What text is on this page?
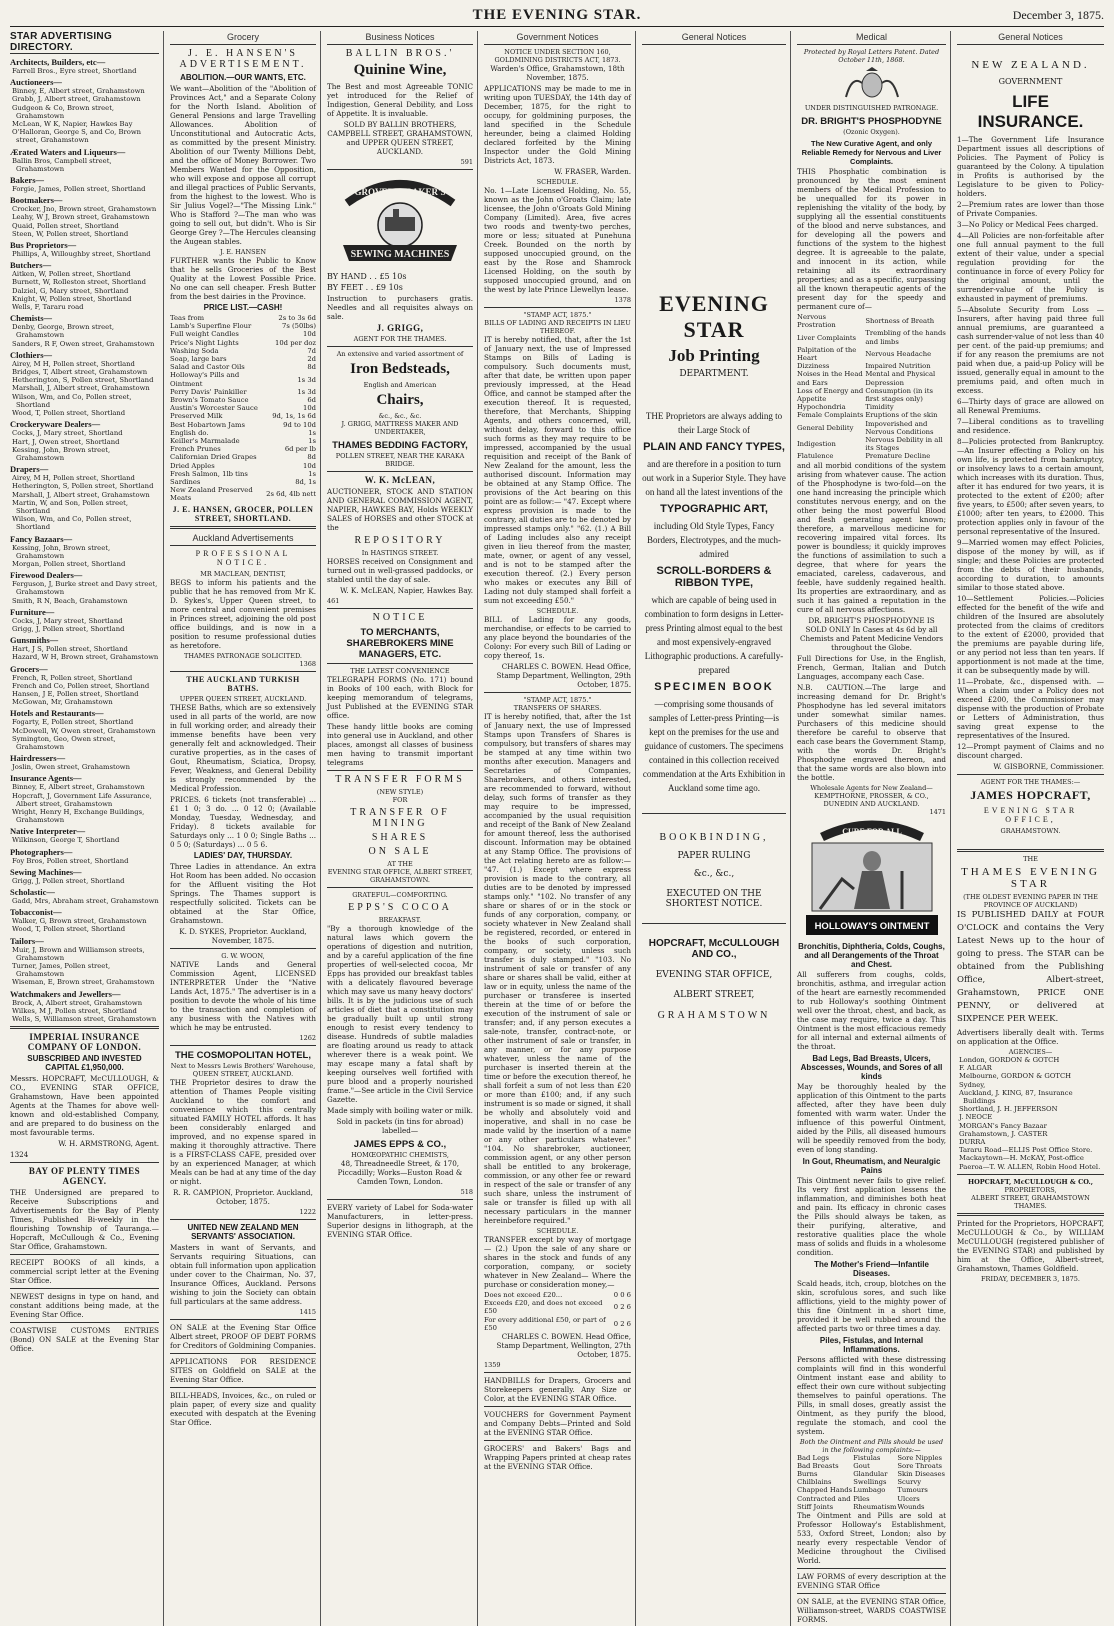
THE EVENING STAR.	December 3, 1875.
STAR ADVERTISING DIRECTORY.
Architects, Builders, etc—
Farrell Bros., Eyre street, Shortland
Auctioneers—
Binney, E, Albert street, Grahamstown
Grabb, J, Albert street, Grahamstown
Gudgeon & Co, Brown street, Grahamstown
McLean, W K, Napier, Hawkes Bay
O'Halloran, George S, and Co, Brown street, Grahamstown
Ærated Waters and Liqueurs—
Ballin Bros, Campbell street, Grahamstown
Bakers—
Forgie, James, Pollen street, Shortland
Bootmakers—
Crocker, Jno, Brown street, Grahamstown
Leahy, W J, Brown street, Grahamstown
Quaid, Pollen street, Shortland
Steen, W, Pollen street, Shortland
Bus Proprietors—
Phillips, A, Willoughby street, Shortland
Butchers—
Aitken, W, Pollen street, Shortland
Burnett, W, Rolleston street, Shortland
Dalziel, G, Mary street, Shortland
Knight, W, Pollen street, Shortland
Wells, F, Tararu road
Chemists—
Denby, George, Brown street, Grahamstown
Sanders, R F, Owen street, Grahamstown
Clothiers—
Airey, M H, Pollen street, Shortland
Bridges, T, Albert street, Grahamstown
Hetherington, S, Pollen street, Shortland
Marshall, J, Albert street, Grahamstown
Wilson, Wm, and Co, Pollen street, Shortland
Wood, T, Pollen street, Shortland
Crockeryware Dealers—
Cocks, J, Mary street, Shortland
Hart, J, Owen street, Shortland
Kessing, John, Brown street, Grahamstown
Drapers—
Airey, M H, Pollen street, Shortland
Hetherington, S, Pollen street, Shortland
Marshall, J, Albert street, Grahamstown
Martin, W, and Son, Pollen street, Shortland
Wilson, Wm, and Co, Pollen street, Shortland
Fancy Bazaars—
Kessing, John, Brown street, Grahamstown
Morgan, Pollen street, Shortland
Firewood Dealers—
Ferguson, J, Burke street and Davy street, Grahamstown
Smith, R N, Beach, Grahamstown
Furniture—
Cocks, J, Mary street, Shortland
Grigg, J, Pollen street, Shortland
Gunsmiths—
Hart, J S, Pollen street, Shortland
Hazard, W H, Brown street, Grahamstown
Grocers—
French, R, Pollen street, Shortland
French and Co, Pollen street, Shortland
Hansen, J E, Pollen street, Shortland
McGowan, Mr, Grahamstown
Hotels and Restaurants—
Fogarty, E, Pollen street, Shortland
McDowell, W, Owen street, Grahamstown
Symington, Geo, Owen street, Grahamstown
Hairdressers—
Joslin, Owen street, Grahamstown
Insurance Agents—
Binney, E, Albert street, Grahamstown
Hopcraft, J, Government Life Assurance, Albert street, Grahamstown
Wright, Henry H, Exchange Buildings, Grahamstown
Native Interpreter—
Wilkinson, George T, Shortland
Photographers—
Foy Bros, Pollen street, Shortland
Sewing Machines—
Grigg, J, Pollen street, Shortland
Scholastic—
Gadd, Mrs, Abraham street, Grahamstown
Tobacconist—
Walker, G, Brown street, Grahamstown
Wood, T, Pollen street, Shortland
Tailors—
Muir, J, Brown and Williamson streets, Grahamstown
Turner, James, Pollen street, Grahamstown
Wiseman, E, Brown street, Grahamstown
Watchmakers and Jewellers—
Brock, A, Albert street, Grahamstown
Wilkes, M J, Pollen street, Shortland
Wells, S, Williamson street, Grahamstown
IMPERIAL INSURANCE COMPANY OF LONDON.
SUBSCRIBED AND INVESTED CAPITAL £1,950,000.

Messrs. HOPCRAFT, McCULLOUGH, & CO., EVENING STAR OFFICE, Grahamstown, Have been appointed Agents at the Thames for above well-known and old-established Company, and are prepared to do business on the most favourable terms.

W. H. ARMSTRONG, Agent.

1324

BAY OF PLENTY TIMES AGENCY.

THE Undersigned are prepared to Receive Subscriptions and Advertisements for the Bay of Plenty Times, Published Bi-weekly in the flourishing Township of Tauranga.— Hopcraft, McCullough & Co., Evening Star Office, Grahamstown.

RECEIPT BOOKS of all kinds, a commercial script letter at the Evening Star Office.

NEWEST designs in type on hand, and constant additions being made, at the Evening Star Office.

COASTWISE CUSTOMS ENTRIES (Bond) ON SALE at the Evening Star Office.

Grocery
J. E. HANSEN'S ADVERTISEMENT.
ABOLITION.—OUR WANTS, ETC.

We want—Abolition of the "Abolition of Provinces Act," and a Separate Colony for the North Island. Abolition of General Pensions and large Travelling Allowances. Abolition of Unconstitutional and Autocratic Acts, as committed by the present Ministry. Abolition of our Twenty Millions Debt, and the office of Money Borrower. Two Members Wanted for the Opposition, who will expose and oppose all corrupt and illegal practices of Public Servants, from the highest to the lowest. Who is Sir Julius Vogel?—"The Missing Link." Who is Stafford ?—The man who was going to sell out, but didn't. Who is Sir George Grey ?—The Hercules cleansing the Augean stables.

J. E. HANSEN

FURTHER wants the Public to Know that he sells Groceries of the Best Quality at the Lowest Possible Price. No one can sell cheaper. Fresh Butter from the best dairies in the Province.

PRICE LIST.—CASH!
Teas from	2s to 3s 6d
Lamb's Superfine Flour	7s (50lbs)
Full weight Candles	10d
Price's Night Lights	10d per doz
Washing Soda	7d
Soap, large bars	2d
Salad and Castor Oils	8d
Holloway's Pills and Ointment	1s 3d
Perry Davis' Painkiller	1s 3d
Brown's Tomato Sauce	6d
Austin's Worcester Sauce	10d
Preserved Milk	9d, 1s, 1s 6d
Best Hobartown Jams	9d to 10d
English do.	1s
Keiller's Marmalade	1s
French Prunes	6d per lb
Californian Dried Grapes	8d
Dried Apples	10d
Fresh Salmon, 1lb tins	1s
Sardines	8d, 1s
New Zealand Preserved Meats	2s 6d, 4lb nett
J. E. HANSEN, GROCER, POLLEN STREET, SHORTLAND.
Auckland Advertisements
PROFESSIONAL NOTICE.
MR MACLEAN, DENTIST,

BEGS to inform his patients and the public that he has removed from Mr K. D. Sykes's, Upper Queen street, to more central and convenient premises in Princes street, adjoining the old post office buildings, and is now in a position to resume professional duties as heretofore.

THAMES PATRONAGE SOLICITED.
1368
THE AUCKLAND TURKISH BATHS.
UPPER QUEEN STREET, AUCKLAND.

THESE Baths, which are so extensively used in all parts of the world, are now in full working order, and already their immense benefits have been very generally felt and acknowledged. Their curative properties, as in the cases of Gout, Rheumatism, Sciatica, Dropsy, Fever, Weakness, and General Debility is strongly recommended by the Medical Profession.

PRICES. 6 tickets (not transferable) ... £1 1 0; 3 do. ... 0 12 0; (Available Monday, Tuesday, Wednesday, and Friday). 8 tickets available for Saturdays only ... 1 0 0; Single Baths ... 0 5 0; (Saturdays) ... 0 5 6.

LADIES' DAY, THURSDAY.

Three Ladies in attendance. An extra Hot Room has been added. No occasion for the Affluent visiting the Hot Springs. The Thames support is respectfully solicited. Tickets can be obtained at the Star Office, Grahamstown.

K. D. SYKES, Proprietor. Auckland, November, 1875.

G. W. WOON,

NATIVE Lands and General Commission Agent, LICENSED INTERPRETER Under the "Native Lands Act, 1875." The advertiser is in a position to devote the whole of his time to the transaction and completion of any business with the Natives with which he may be entrusted.

1262
THE COSMOPOLITAN HOTEL,
Next to Messrs Lewis Brothers' Warehouse, QUEEN STREET, AUCKLAND.

THE Proprietor desires to draw the attention of Thames People visiting Auckland to the comfort and convenience which this centrally situated FAMILY HOTEL affords. It has been considerably enlarged and improved, and no expense spared in making it thoroughly attractive. There is a FIRST-CLASS CAFE, presided over by an experienced Manager, at which Meals can be had at any time of the day or night.

R. R. CAMPION, Proprietor. Auckland, October, 1875.

1222
UNITED NEW ZEALAND MEN SERVANTS' ASSOCIATION.

Masters in want of Servants, and Servants requiring Situations, can obtain full information upon application under cover to the Chairman, No. 37, Insurance Offices, Auckland. Persons wishing to join the Society can obtain full particulars at the same address.

1415

ON SALE at the Evening Star Office Albert street, PROOF OF DEBT FORMS for Creditors of Goldmining Companies.

APPLICATIONS FOR RESIDENCE SITES on Goldfield on SALE at the Evening Star Office.

BILL-HEADS, Invoices, &c., on ruled or plain paper, of every size and quality executed with despatch at the Evening Star Office.

Business Notices
BALLIN BROS.'
Quinine Wine,

The Best and most Agreeable TONIC yet introduced for the Relief of Indigestion, General Debility, and Loss of Appetite. It is invaluable.

SOLD BY BALLIN BROTHERS, CAMPBELL STREET, GRAHAMSTOWN, and UPPER QUEEN STREET, AUCKLAND.

591
GROVER & BAKER'S
SEWING MACHINES
BY HAND . . £5 10s
BY FEET . . £9 10s

Instruction to purchasers gratis. Needles and all requisites always on sale.

J. GRIGG,
AGENT FOR THE THAMES.
An extensive and varied assortment of
Iron Bedsteads,
English and American
Chairs,
&c., &c., &c.
J. GRIGG, MATTRESS MAKER AND UNDERTAKER,
THAMES BEDDING FACTORY,
POLLEN STREET, NEAR THE KARAKA BRIDGE.
W. K. McLEAN,

AUCTIONEER, STOCK AND STATION AND GENERAL COMMISSION AGENT, NAPIER, HAWKES BAY, Holds WEEKLY SALES of HORSES and other STOCK at the

REPOSITORY
In HASTINGS STREET.

HORSES received on Consignment and turned out in well-grassed paddocks, or stabled until the day of sale.

W. K. McLEAN, Napier, Hawkes Bay.

461
NOTICE
TO MERCHANTS, SHAREBROKERS MINE MANAGERS, ETC.
THE LATEST CONVENIENCE

TELEGRAPH FORMS (No. 171) bound in Books of 100 each, with Block for keeping memorandum of telegrams, Just Published at the EVENING STAR office.

These handy little books are coming into general use in Auckland, and other places, amongst all classes of business men having to transmit important telegrams

TRANSFER FORMS
(NEW STYLE)
FOR
TRANSFER OF MINING
SHARES
ON SALE
AT THE
EVENING STAR OFFICE, ALBERT STREET, GRAHAMSTOWN.
GRATEFUL—COMFORTING.
EPPS'S COCOA
BREAKFAST.

"By a thorough knowledge of the natural laws which govern the operations of digestion and nutrition, and by a careful application of the fine properties of well-selected cocoa, Mr Epps has provided our breakfast tables with a delicately flavoured beverage which may save us many heavy doctors' bills. It is by the judicious use of such articles of diet that a constitution may be gradually built up until strong enough to resist every tendency to disease. Hundreds of subtle maladies are floating around us ready to attack wherever there is a weak point. We may escape many a fatal shaft by keeping ourselves well fortified with pure blood and a properly nourished frame."—See article in the Civil Service Gazette.

Made simply with boiling water or milk.

Sold in packets (in tins for abroad) labelled—

JAMES EPPS & CO.,
HOMŒOPATHIC CHEMISTS,

48, Threadneedle Street, & 170, Piccadilly; Works—Euston Road & Camden Town, London.

518

EVERY variety of Label for Soda-water Manufacturers, in letter-press. Superior designs in lithograph, at the EVENING STAR Office.

Government Notices
NOTICE UNDER SECTION 160, GOLDMINING DISTRICTS ACT, 1873.

Warden's Office, Grahamstown, 18th November, 1875.

APPLICATIONS may be made to me in writing upon TUESDAY, the 14th day of December, 1875, for the right to occupy, for goldmining purposes, the land specified in the Schedule hereunder, being a claimed Holding declared forfeited by the Mining Inspector under the Gold Mining Districts Act, 1873.

W. FRASER, Warden.

SCHEDULE.

No. 1—Late Licensed Holding, No. 55, known as the John o'Groats Claim; late licensee, the John o'Groats Gold Mining Company (Limited). Area, five acres two roods and twenty-two perches, more or less; situated at Punehuna Creek. Bounded on the north by supposed unoccupied ground, on the east by the Rose and Shamrock Licensed Holding, on the south by supposed unoccupied ground, and on the west by late Prince Llewellyn lease.

1378
"STAMP ACT, 1875."
BILLS OF LADING AND RECEIPTS IN LIEU THEREOF.

IT is hereby notified, that, after the 1st of January next, the use of Impressed Stamps on Bills of Lading is compulsory. Such documents must, after that date, be written upon paper previously impressed, at the Head Office, and cannot be stamped after the execution thereof. It is requested, therefore, that Merchants, Shipping Agents, and others concerned, will, without delay, forward to this office such forms as they may require to be impressed, accompanied by the usual requisition and receipt of the Bank of New Zealand for the amount, less the authorised discount. Information may be obtained at any Stamp Office. The provisions of the Act bearing on this point are as follow:— "47. Except where express provision is made to the contrary, all duties are to be denoted by impressed stamps only." "62. (1.) A Bill of Lading includes also any receipt given in lieu thereof from the master, mate, owner, or agent of any vessel, and is not to be stamped after the execution thereof. (2.) Every person who makes or executes any Bill of Lading not duly stamped shall forfeit a sum not exceeding £50."

SCHEDULE.

BILL of Lading for any goods, merchandise, or effects to be carried to any place beyond the boundaries of the Colony: For every such Bill of Lading or copy thereof, 1s.

CHARLES C. BOWEN. Head Office, Stamp Department, Wellington, 29th October, 1875.

"STAMP ACT, 1875."
TRANSFERS OF SHARES.

IT is hereby notified, that, after the 1st of January next, the use of Impressed Stamps upon Transfers of Shares is compulsory, but transfers of shares may be stamped at any time within two months after execution. Managers and Secretaries of Companies, Sharebrokers, and others interested, are recommended to forward, without delay, such forms of transfer as they may require to be impressed, accompanied by the usual requisition and receipt of the Bank of New Zealand for amount thereof, less the authorised discount. Information may be obtained at any Stamp Office. The provisions of the Act relating hereto are as follow:— "47. (1.) Except where express provision is made to the contrary, all duties are to be denoted by impressed stamps only." "102. No transfer of any share or shares of or in the stock or funds of any corporation, company, or society whatever in New Zealand shall be registered, recorded, or entered in the books of such corporation, company, or society, unless such transfer is duly stamped." "103. No instrument of sale or transfer of any share or shares shall be valid, either at law or in equity, unless the name of the purchaser or transferee is inserted therein at the time of or before the execution of the instrument of sale or transfer; and, if any person executes a sale-note, transfer, contract-note, or other instrument of sale or transfer, in any manner, or for any purpose whatever, unless the name of the purchaser is inserted therein at the time or before the execution thereof, he shall forfeit a sum of not less than £20 or more than £100; and, if any such instrument is so made or signed, it shall be wholly and absolutely void and inoperative, and shall in no case be made valid by the insertion of a name or any other particulars whatever." "104. No sharebroker, auctioneer, commission agent, or any other person shall be entitled to any brokerage, commission, or any other fee or reward in respect of the sale or transfer of any such share, unless the instrument of sale or transfer is filled up with all necessary particulars in the manner hereinbefore required."

SCHEDULE.

TRANSFER except by way of mortgage— (2.) Upon the sale of any share or shares in the stock and funds of any corporation, company, or society whatever in New Zealand— Where the purchase or consideration money,—

Does not exceed £20...	0 0 6
Exceeds £20, and does not exceed £50	0 2 6
For every additional £50, or part of £50	0 2 6

CHARLES C. BOWEN. Head Office, Stamp Department, Wellington, 27th October, 1875.

1359

HANDBILLS for Drapers, Grocers and Storekeepers generally. Any Size or Color, at the EVENING STAR Office.

VOUCHERS for Government Payment and Company Debts—Printed and Sold at the EVENING STAR Office.

GROCERS' and Bakers' Bags and Wrapping Papers printed at cheap rates at the EVENING STAR Office.

General Notices
EVENING STAR
Job Printing
DEPARTMENT.

THE Proprietors are always adding to their Large Stock of

PLAIN AND FANCY TYPES,

and are therefore in a position to turn out work in a Superior Style. They have on hand all the latest inventions of the

TYPOGRAPHIC ART,

including Old Style Types, Fancy Borders, Electrotypes, and the much-admired

SCROLL-BORDERS & RIBBON TYPE,

which are capable of being used in combination to form designs in Letter-press Printing almost equal to the best and most expensively-engraved Lithographic productions. A carefully-prepared

SPECIMEN BOOK

—comprising some thousands of samples of Letter-press Printing—is kept on the premises for the use and guidance of customers. The specimens contained in this collection received commendation at the Arts Exhibition in Auckland some time ago.

BOOKBINDING,
PAPER RULING
&c., &c.,
EXECUTED ON THE SHORTEST NOTICE.
HOPCRAFT, McCULLOUGH AND CO.,
EVENING STAR OFFICE,
ALBERT STREET,
GRAHAMSTOWN
Medical
Protected by Royal Letters Patent. Dated October 11th, 1868.
UNDER DISTINGUISHED PATRONAGE.
DR. BRIGHT'S PHOSPHODYNE
(Ozonic Oxygen).
The New Curative Agent, and only Reliable Remedy for Nervous and Liver Complaints.

THIS Phosphatic combination is pronounced by the most eminent members of the Medical Profession to be unequalled for its power in replenishing the vitality of the body, by supplying all the essential constituents of the blood and nerve substances, and for developing all the powers and functions of the system to the highest degree. It is agreeable to the palate, and innocent in its action, while retaining all its extraordinary properties; and as a specific, surpassing all the known therapeutic agents of the present day for the speedy and permanent cure of—

Nervous Prostration	Shortness of Breath
Liver Complaints	Trembling of the hands and limbs
Palpitation of the Heart	Nervous Headache
Dizziness	Impaired Nutrition
Noises in the Head and Ears	Mental and Physical Depression
Loss of Energy and Appetite	Consumption (in its first stages only)
Hypochondria	Timidity
Female Complaints	Eruptions of the skin
General Debility	Impoverished and Nervous Conditions
Indigestion	Nervous Debility in all its Stages
Flatulence	Premature Decline

and all morbid conditions of the system arising from whatever cause. The action of the Phosphodyne is two-fold—on the one hand increasing the principle which constitutes nervous energy, and on the other being the most powerful Blood and flesh generating agent known; therefore, a marvellous medicine for recovering impaired vital forces. Its power is boundless; it quickly improves the functions of assimilation to such a degree, that where for years the emaciated, careless, cadaverous, and feeble, have suddenly regained health. Its properties are extraordinary, and as such it has gained a reputation in the cure of all nervous affections.

DR. BRIGHT'S PHOSPHODYNE IS SOLD ONLY In Cases at 4s 6d by all Chemists and Patent Medicine Vendors throughout the Globe.

Full Directions for Use, in the English, French, German, Italian and Dutch Languages, accompany each Case.

N.B. CAUTION.—The large and increasing demand for Dr. Bright's Phosphodyne has led several imitators under somewhat similar names. Purchasers of this medicine should therefore be careful to observe that each case bears the Government Stamp, with the words Dr. Bright's Phosphodyne engraved thereon, and that the same words are also blown into the bottle.

Wholesale Agents for New Zealand—
KEMPTHORNE, PROSSER, & CO., DUNEDIN AND AUCKLAND.
1471
CURE FOR ALL
HOLLOWAY'S OINTMENT
Bronchitis, Diphtheria, Colds, Coughs, and all Derangements of the Throat and Chest.

All sufferers from coughs, colds, bronchitis, asthma, and irregular action of the heart are earnestly recommended to rub Holloway's soothing Ointment well over the throat, chest, and back, as the case may require, twice a day. This Ointment is the most efficacious remedy for all internal and external ailments of the throat.

Bad Legs, Bad Breasts, Ulcers, Abscesses, Wounds, and Sores of all kinds

May be thoroughly healed by the application of this Ointment to the parts affected, after they have been duly fomented with warm water. Under the influence of this powerful Ointment, aided by the Pills, all diseased humours will be speedily removed from the body, even of long standing.

In Gout, Rheumatism, and Neuralgic Pains

This Ointment never fails to give relief. Its very first application lessens the inflammation, and diminishes both heat and pain. Its efficacy in chronic cases the Pills should always be taken, as their purifying, alterative, and restorative qualities place the whole mass of solids and fluids in a wholesome condition.

The Mother's Friend—Infantile Diseases.

Scald heads, itch, croup, blotches on the skin, scrofulous sores, and such like afflictions, yield to the mighty power of this fine Ointment in a short time, provided it be well rubbed around the affected parts two or three times a day.

Piles, Fistulas, and Internal Inflammations.

Persons afflicted with these distressing complaints will find in this wonderful Ointment instant ease and ability to effect their own cure without subjecting themselves to painful operations. The Pills, in small doses, greatly assist the Ointment, as they purify the blood, regulate the stomach, and cool the system.

Both the Ointment and Pills should be used in the following complaints:—
Bad Legs	Fistulas	Sore Nipples
Bad Breasts	Gout	Sore Throats
Burns	Glandular	Skin Diseases
Chilblains	Swellings	Scurvy
Chapped Hands	Lumbago	Tumours
Contracted and	Piles	Ulcers
Stiff Joints	Rheumatism	Wounds

The Ointment and Pills are sold at Professor Holloway's Establishment, 533, Oxford Street, London; also by nearly every respectable Vendor of Medicine throughout the Civilised World.

LAW FORMS of every description at the EVENING STAR Office

ON SALE, at the EVENING STAR Office, Williamson-street, WARDS COASTWISE FORMS.

General Notices
NEW ZEALAND.
GOVERNMENT
LIFE INSURANCE.

1—The Government Life Insurance Department issues all descriptions of Policies. The Payment of Policy is guaranteed by the Colony. A tipulation in Profits is authorised by the Legislature to be given to Policy-holders.

2—Premium rates are lower than those of Private Companies.

3—No Policy or Medical Fees charged.

4—All Policies are non-forfeitable after one full annual payment to the full extent of their value, under a special regulation providing for the continuance in force of every Policy for the original amount, until the surrender-value of the Policy is exhausted in payment of premiums.

5—Absolute Security from Loss —Insurers, after having paid three full annual premiums, are guaranteed a cash surrender-value of not less than 40 per cent. of the paid-up premiums; and if for any reason the premiums are not paid when due, a paid-up Policy will be issued, generally equal in amount to the premiums paid, and often much in excess.

6—Thirty days of grace are allowed on all Renewal Premiums.

7—Liberal conditions as to travelling and residence.

8—Policies protected from Bankruptcy.—An Insurer effecting a Policy on his own life, is protected from bankruptcy, or insolvency laws to a certain amount, which increases with its duration. Thus, after it has endured for two years, it is protected to the extent of £200; after five years, to £500; after seven years, to £1000; after ten years, to £2000. This protection applies only in favour of the personal representative of the Insured.

9—Married women may effect Policies, dispose of the money by will, as if single; and these Policies are protected from the debts of their husbands, according to duration, to amounts similar to those stated above.

10—Settlement Policies.—Policies effected for the benefit of the wife and children of the Insured are absolutely protected from the claims of creditors to the extent of £2000, provided that the premiums are payable during life, or any period not less than ten years. If apportionment is not made at the time, it can be subsequently made by will.

11—Probate, &c., dispensed with. —When a claim under a Policy does not exceed £200, the Commissioner may dispense with the production of Probate or Letters of Administration, thus saving great expense to the representatives of the Insured.

12—Prompt payment of Claims and no discount charged.

W. GISBORNE, Commissioner.

AGENT FOR THE THAMES:—
JAMES HOPCRAFT,
EVENING STAR OFFICE,
GRAHAMSTOWN.
THE
THAMES EVENING STAR
(THE OLDEST EVENING PAPER IN THE PROVINCE OF AUCKLAND)

IS PUBLISHED DAILY at FOUR O'CLOCK and contains the Very Latest News up to the hour of going to press. The STAR can be obtained from the Publishing Office, Albert-street, Grahamstown, PRICE ONE PENNY, or delivered at SIXPENCE PER WEEK.

Advertisers liberally dealt with. Terms on application at the Office.

AGENCIES—
London, GORDON & GOTCH
F. ALGAR
Melbourne, GORDON & GOTCH
Sydney,
Auckland, J. KING, 87, Insurance Buildings
Shortland, J. H. JEFFERSON
J. NEOCE
MORGAN's Fancy Bazaar
Grahamstown, J. CASTER
DURRA
Tararu Road—ELLIS Post Office Store.
Mackaytown—H. McKAY, Post-office
Paeroa—T. W. ALLEN, Robin Hood Hotel.
HOPCRAFT, McCULLOUGH & CO.,
PROPRIETORS,
ALBERT STREET, GRAHAMSTOWN THAMES.

Printed for the Proprietors, HOPCRAFT, McCULLOUGH & Co., by WILLIAM McCULLOUGH (registered publisher of the EVENING STAR) and published by him at the Office, Albert-street, Grahamstown, Thames Goldfield.

FRIDAY, DECEMBER 3, 1875.
